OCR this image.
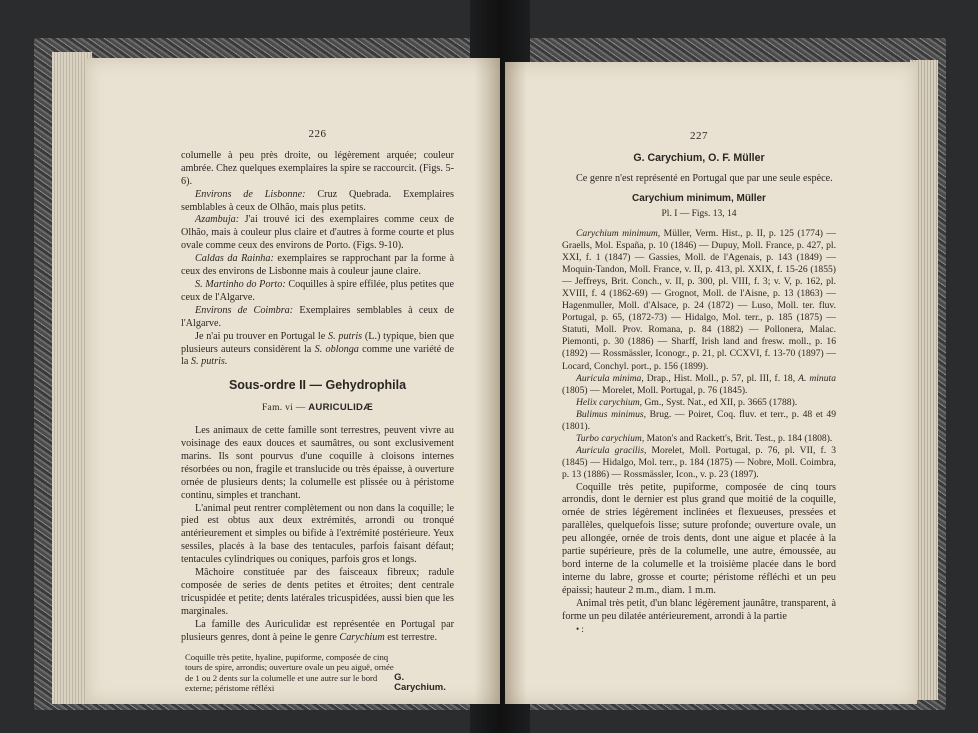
226

columelle à peu près droite, ou légèrement arquée; couleur ambrée. Chez quelques exemplaires la spire se raccourcit. (Figs. 5-6).

Environs de Lisbonne: Cruz Quebrada. Exemplaires semblables à ceux de Olhão, mais plus petits.

Azambuja: J'ai trouvé ici des exemplaires comme ceux de Olhão, mais à couleur plus claire et d'autres à forme courte et plus ovale comme ceux des environs de Porto. (Figs. 9-10).

Caldas da Rainha: exemplaires se rapprochant par la forme à ceux des environs de Lisbonne mais à couleur jaune claire.

S. Martinho do Porto: Coquilles à spire effilée, plus petites que ceux de l'Algarve.

Environs de Coimbra: Exemplaires semblables à ceux de l'Algarve.

Je n'ai pu trouver en Portugal le S. putris (L.) typique, bien que plusieurs auteurs considèrent la S. oblonga comme une variété de la S. putris.

Sous-ordre II — Gehydrophila
Fam. vi — AURICULIDÆ

Les animaux de cette famille sont terrestres, peuvent vivre au voisinage des eaux douces et saumâtres, ou sont exclusivement marins. Ils sont pourvus d'une coquille à cloisons internes résorbées ou non, fragile et translucide ou très épaisse, à ouverture ornée de plusieurs dents; la columelle est plissée ou à péristome continu, simples et tranchant.

L'animal peut rentrer complètement ou non dans la coquille; le pied est obtus aux deux extrémités, arrondi ou tronqué antérieurement et simples ou bifide à l'extrémité postérieure. Yeux sessiles, placés à la base des tentacules, parfois faisant défaut; tentacules cylindriques ou coniques, parfois gros et longs.

Mâchoire constituée par des faisceaux fibreux; radule composée de series de dents petites et étroites; dent centrale tricuspidée et petite; dents latérales tricuspidées, aussi bien que les marginales.

La famille des Auriculidæ est représentée en Portugal par plusieurs genres, dont à peine le genre Carychium est terrestre.

Coquille très petite, hyaline, pupiforme, composée de cinq tours de spire, arrondis; ouverture ovale un peu aiguë, ornée de 1 ou 2 dents sur la columelle et une autre sur le bord externe; péristome réfléxi
G. Carychium.
227
G. Carychium, O. F. Müller

Ce genre n'est représenté en Portugal que par une seule espèce.

Carychium minimum, Müller
Pl. I — Figs. 13, 14

Carychium minimum, Müller, Verm. Hist., p. II, p. 125 (1774) — Graells, Mol. España, p. 10 (1846) — Dupuy, Moll. France, p. 427, pl. XXI, f. 1 (1847) — Gassies, Moll. de l'Agenais, p. 143 (1849) — Moquin-Tandon, Moll. France, v. II, p. 413, pl. XXIX, f. 15-26 (1855) — Jeffreys, Brit. Conch., v. II, p. 300, pl. VIII, f. 3; v. V, p. 162, pl. XVIII, f. 4 (1862-69) — Grognot, Moll. de l'Aisne, p. 13 (1863) — Hagenmuller, Moll. d'Alsace, p. 24 (1872) — Luso, Moll. ter. fluv. Portugal, p. 65, (1872-73) — Hidalgo, Mol. terr., p. 185 (1875) — Statuti, Moll. Prov. Romana, p. 84 (1882) — Pollonera, Malac. Piemonti, p. 30 (1886) — Sharff, Irish land and fresw. moll., p. 16 (1892) — Rossmässler, Iconogr., p. 21, pl. CCXVI, f. 13-70 (1897) — Locard, Conchyl. port., p. 156 (1899).

Auricula minima, Drap., Hist. Moll., p. 57, pl. III, f. 18, A. minuta (1805) — Morelet, Moll. Portugal, p. 76 (1845).

Helix carychium, Gm., Syst. Nat., ed XII, p. 3665 (1788).

Bulimus minimus, Brug. — Poiret, Coq. fluv. et terr., p. 48 et 49 (1801).

Turbo carychium, Maton's and Rackett's, Brit. Test., p. 184 (1808).

Auricula gracilis, Morelet, Moll. Portugal, p. 76, pl. VII, f. 3 (1845) — Hidalgo, Mol. terr., p. 184 (1875) — Nobre, Moll. Coimbra, p. 13 (1886) — Rossmässler, Icon., v. p. 23 (1897).

Coquille très petite, pupiforme, composée de cinq tours arrondis, dont le dernier est plus grand que moitié de la coquille, ornée de stries légèrement inclinées et flexueuses, pressées et parallèles, quelquefois lisse; suture profonde; ouverture ovale, un peu allongée, ornée de trois dents, dont une aigue et placée à la partie supérieure, près de la columelle, une autre, émoussée, au bord interne de la columelle et la troisième placée dans le bord interne du labre, grosse et courte; péristome réfléchi et un peu épaissi; hauteur 2 m.m., diam. 1 m.m.

Animal très petit, d'un blanc légèrement jaunâtre, transparent, à forme un peu dilatée antérieurement, arrondi à la partie

• :
